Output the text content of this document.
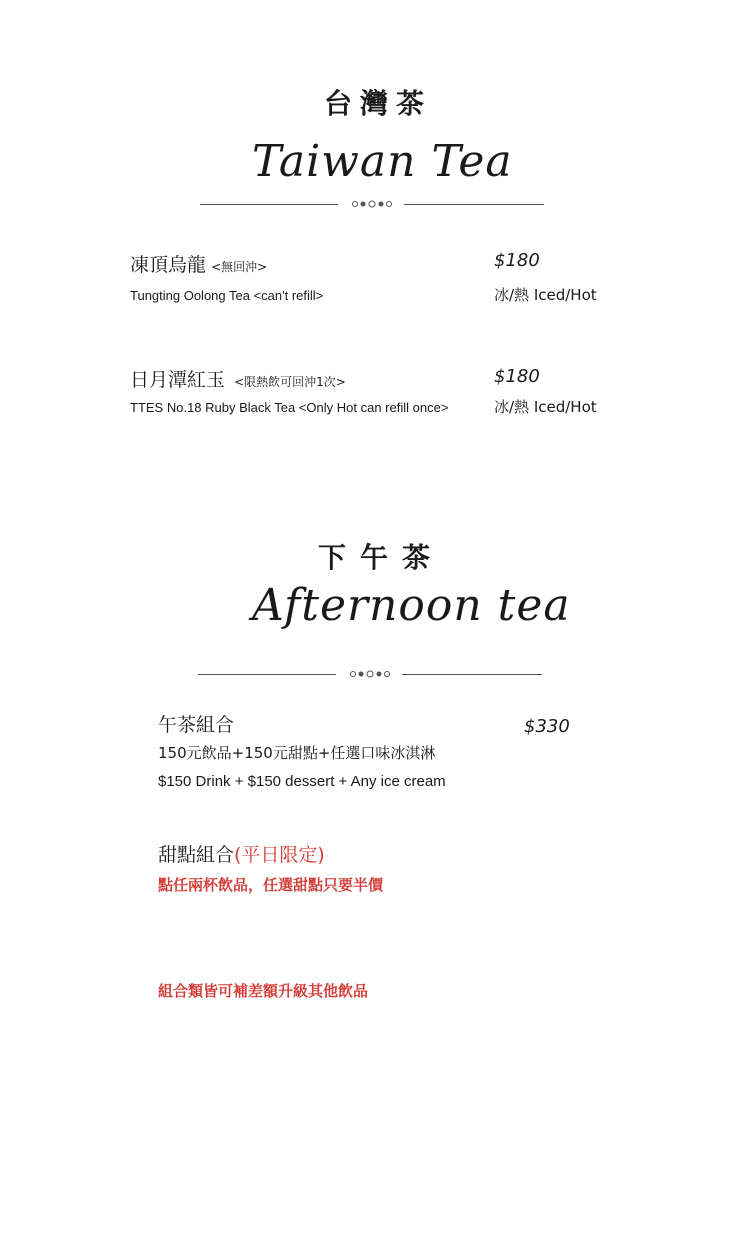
台灣茶
Taiwan Tea
凍頂烏龍 <無回沖>
Tungting Oolong Tea <can't refill>
$180
冰/熱 Iced/Hot
日月潭紅玉 <限熱飲可回沖1次>
TTES No.18 Ruby Black Tea <Only Hot can refill once>
$180
冰/熱 Iced/Hot
下午茶
Afternoon tea
午茶組合	$330
150元飲品+150元甜點+任選口味冰淇淋
$150 Drink + $150 dessert + Any ice cream
甜點組合(平日限定)
點任兩杯飲品，任選甜點只要半價
組合類皆可補差額升級其他飲品
